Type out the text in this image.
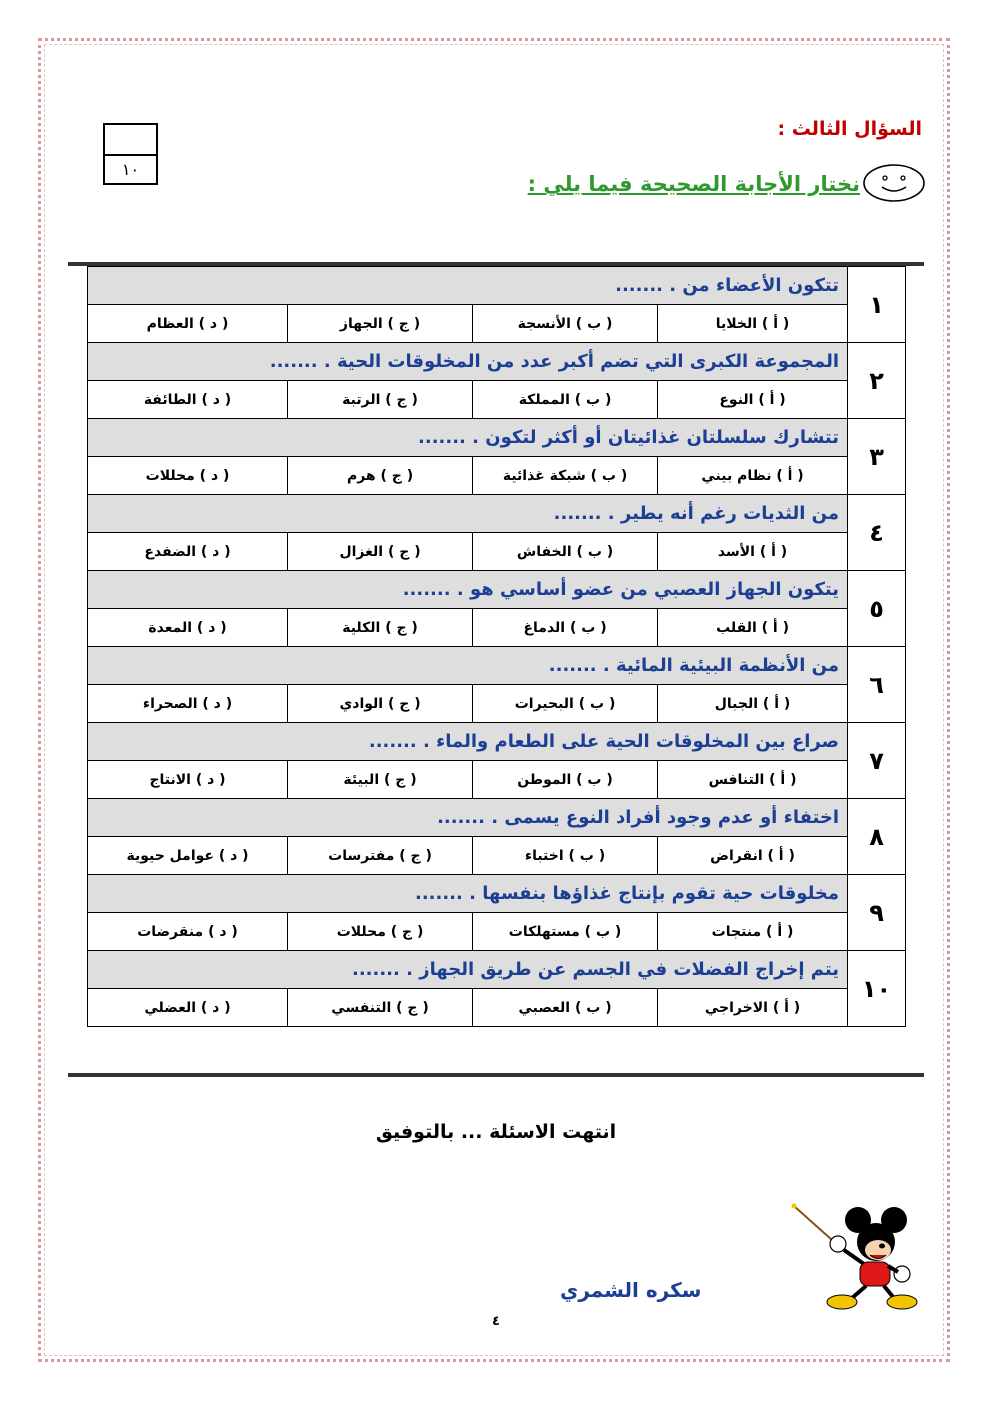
السؤال الثالث :
نختار الأجابة الصحيحة فيما يلي :
١٠
١	تتكون الأعضاء من . .......			
	( أ ) الخلايا	( ب ) الأنسجة	( ج ) الجهاز	( د ) العظام
٢	المجموعة الكبرى التي تضم أكبر عدد من المخلوقات الحية . .......			
	( أ ) النوع	( ب ) المملكة	( ج ) الرتبة	( د ) الطائفة
٣	تتشارك سلسلتان غذائيتان أو أكثر لتكون . .......			
	( أ ) نظام بيني	( ب ) شبكة غذائية	( ج ) هرم	( د ) محللات
٤	من الثديات رغم أنه يطير . .......			
	( أ ) الأسد	( ب ) الخفاش	( ج ) الغزال	( د ) الضفدع
٥	يتكون الجهاز العصبي من عضو أساسي هو . .......			
	( أ ) القلب	( ب ) الدماغ	( ج ) الكلية	( د ) المعدة
٦	من الأنظمة البيئية المائية . .......			
	( أ ) الجبال	( ب ) البحيرات	( ج ) الوادي	( د ) الصحراء
٧	صراع بين المخلوقات الحية على الطعام والماء . .......			
	( أ ) التنافس	( ب ) الموطن	( ج ) البيئة	( د ) الانتاج
٨	اختفاء أو عدم وجود أفراد النوع يسمى . .......			
	( أ ) انقراض	( ب ) اختباء	( ج ) مفترسات	( د ) عوامل حيوية
٩	مخلوقات حية تقوم بإنتاج غذاؤها بنفسها . .......			
	( أ ) منتجات	( ب ) مستهلكات	( ج ) محللات	( د ) منقرضات
١٠	يتم إخراج الفضلات في الجسم عن طريق الجهاز . .......			
	( أ ) الاخراجي	( ب ) العصبي	( ج ) التنفسي	( د ) العضلي
انتهت الاسئلة ... بالتوفيق
سكره الشمري
٤
